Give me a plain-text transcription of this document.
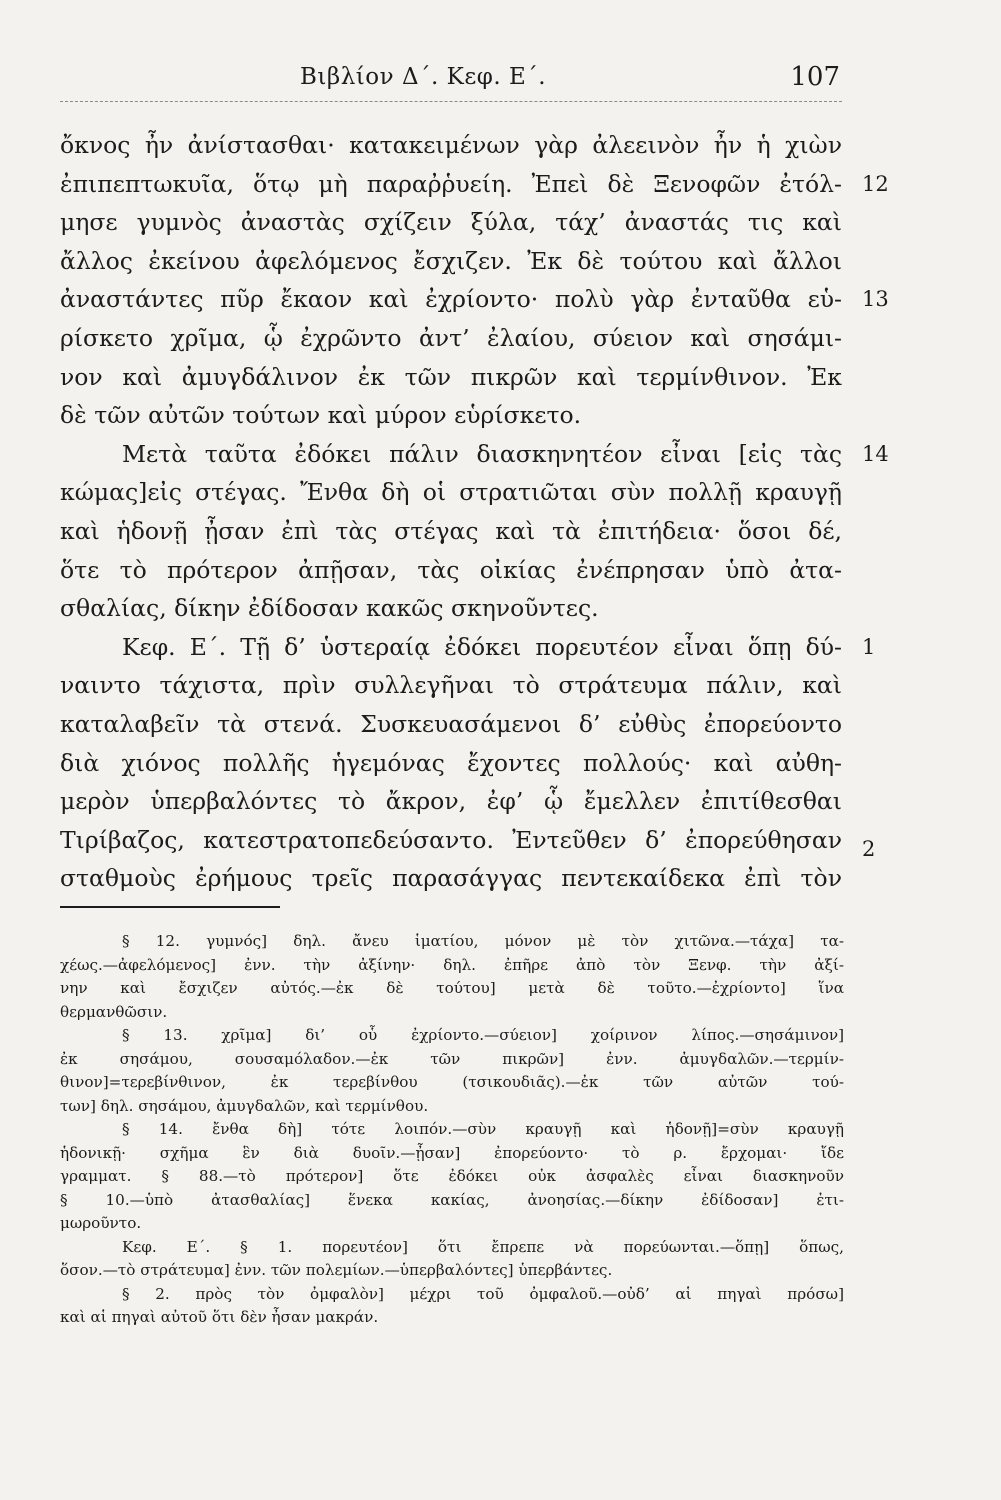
Βιβλίον Δ΄. Κεφ. Ε΄.	107
ὄκνος ἦν ἀνίστασθαι· κατακειμένων γὰρ ἀλεεινὸν ἦν ἡ χιὼν
ἐπιπεπτωκυῖα, ὅτῳ μὴ παραῤῥυείη. Ἐπεὶ δὲ Ξενοφῶν ἐτόλ-
μησε γυμνὸς ἀναστὰς σχίζειν ξύλα, τάχ’ ἀναστάς τις καὶ
ἄλλος ἐκείνου ἀφελόμενος ἔσχιζεν. Ἐκ δὲ τούτου καὶ ἄλλοι
ἀναστάντες πῦρ ἔκαον καὶ ἐχρίοντο· πολὺ γὰρ ἐνταῦθα εὑ-
ρίσκετο χρῖμα, ᾧ ἐχρῶντο ἀντ’ ἐλαίου, σύειον καὶ σησάμι-
νον καὶ ἀμυγδάλινον ἐκ τῶν πικρῶν καὶ τερμίνθινον. Ἐκ
δὲ τῶν αὐτῶν τούτων καὶ μύρον εὑρίσκετο.
Μετὰ ταῦτα ἐδόκει πάλιν διασκηνητέον εἶναι [εἰς τὰς
κώμας]εἰς στέγας. Ἔνθα δὴ οἱ στρατιῶται σὺν πολλῇ κραυγῇ
καὶ ἡδονῇ ᾖσαν ἐπὶ τὰς στέγας καὶ τὰ ἐπιτήδεια· ὅσοι δέ,
ὅτε τὸ πρότερον ἀπῇσαν, τὰς οἰκίας ἐνέπρησαν ὑπὸ ἀτα-
σθαλίας, δίκην ἐδίδοσαν κακῶς σκηνοῦντες.
Κεφ. Ε΄. Τῇ δ’ ὑστεραίᾳ ἐδόκει πορευτέον εἶναι ὅπῃ δύ-
ναιντο τάχιστα, πρὶν συλλεγῆναι τὸ στράτευμα πάλιν, καὶ
καταλαβεῖν τὰ στενά. Συσκευασάμενοι δ’ εὐθὺς ἐπορεύοντο
διὰ χιόνος πολλῆς ἡγεμόνας ἔχοντες πολλούς· καὶ αὐθη-
μερὸν ὑπερβαλόντες τὸ ἄκρον, ἐφ’ ᾧ ἔμελλεν ἐπιτίθεσθαι
Τιρίβαζος, κατεστρατοπεδεύσαντο. Ἐντεῦθεν δ’ ἐπορεύθησαν
σταθμοὺς ἐρήμους τρεῖς παρασάγγας πεντεκαίδεκα ἐπὶ τὸν
12
13
14
1
2
§ 12. γυμνός] δηλ. ἄνευ ἱματίου, μόνον μὲ τὸν χιτῶνα.—τάχα] τα-
χέως.—ἀφελόμενος] ἐνν. τὴν ἀξίνην· δηλ. ἐπῆρε ἀπὸ τὸν Ξενφ. τὴν ἀξί-
νην καὶ ἔσχιζεν αὐτός.—ἐκ δὲ τούτου] μετὰ δὲ τοῦτο.—ἐχρίοντο] ἵνα
θερμανθῶσιν.
§ 13. χρῖμα] δι’ οὗ ἐχρίοντο.—σύειον] χοίρινον λίπος.—σησάμινον]
ἐκ σησάμου, σουσαμόλαδον.—ἐκ τῶν πικρῶν] ἐνν. ἀμυγδαλῶν.—τερμίν-
θινον]=τερεβίνθινον, ἐκ τερεβίνθου (τσικουδιᾶς).—ἐκ τῶν αὐτῶν τού-
των] δηλ. σησάμου, ἀμυγδαλῶν, καὶ τερμίνθου.
§ 14. ἔνθα δὴ] τότε λοιπόν.—σὺν κραυγῇ καὶ ἡδονῇ]=σὺν κραυγῇ
ἡδονικῇ· σχῆμα ἓν διὰ δυοῖν.—ᾖσαν] ἐπορεύοντο· τὸ ρ. ἔρχομαι· ἴδε
γραμματ. § 88.—τὸ πρότερον] ὅτε ἐδόκει οὐκ ἀσφαλὲς εἶναι διασκηνοῦν
§ 10.—ὑπὸ ἀτασθαλίας] ἕνεκα κακίας, ἀνοησίας.—δίκην ἐδίδοσαν] ἐτι-
μωροῦντο.
Κεφ. Ε΄. § 1. πορευτέον] ὅτι ἔπρεπε νὰ πορεύωνται.—ὅπῃ] ὅπως,
ὅσον.—τὸ στράτευμα] ἐνν. τῶν πολεμίων.—ὑπερβαλόντες] ὑπερβάντες.
§ 2. πρὸς τὸν ὀμφαλὸν] μέχρι τοῦ ὀμφαλοῦ.—οὐδ’ αἱ πηγαὶ πρόσω]
καὶ αἱ πηγαὶ αὐτοῦ ὅτι δὲν ἦσαν μακράν.
